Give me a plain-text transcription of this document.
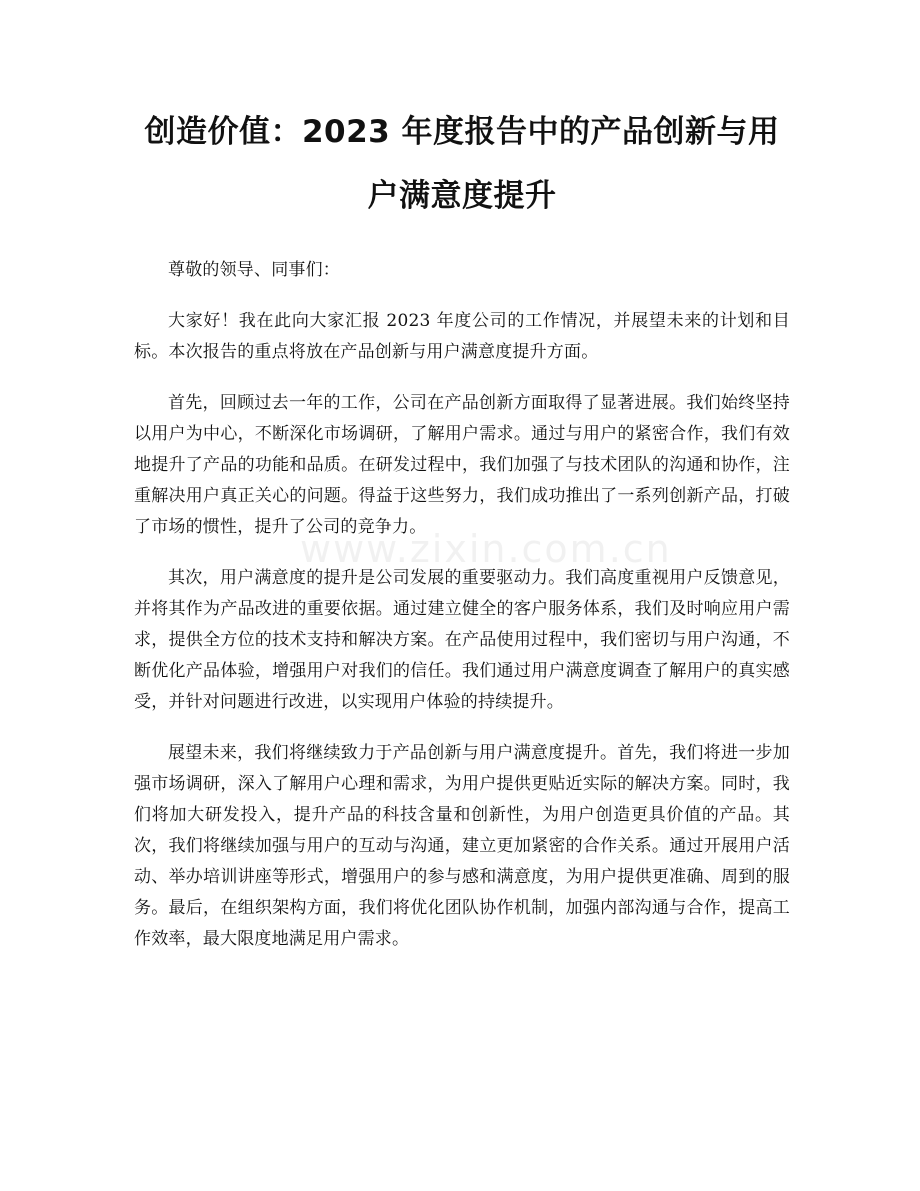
创造价值：2023 年度报告中的产品创新与用户满意度提升

尊敬的领导、同事们：

大家好！我在此向大家汇报 2023 年度公司的工作情况，并展望未来的计划和目标。本次报告的重点将放在产品创新与用户满意度提升方面。

首先，回顾过去一年的工作，公司在产品创新方面取得了显著进展。我们始终坚持以用户为中心，不断深化市场调研，了解用户需求。通过与用户的紧密合作，我们有效地提升了产品的功能和品质。在研发过程中，我们加强了与技术团队的沟通和协作，注重解决用户真正关心的问题。得益于这些努力，我们成功推出了一系列创新产品，打破了市场的惯性，提升了公司的竞争力。

其次，用户满意度的提升是公司发展的重要驱动力。我们高度重视用户反馈意见，并将其作为产品改进的重要依据。通过建立健全的客户服务体系，我们及时响应用户需求，提供全方位的技术支持和解决方案。在产品使用过程中，我们密切与用户沟通，不断优化产品体验，增强用户对我们的信任。我们通过用户满意度调查了解用户的真实感受，并针对问题进行改进，以实现用户体验的持续提升。

展望未来，我们将继续致力于产品创新与用户满意度提升。首先，我们将进一步加强市场调研，深入了解用户心理和需求，为用户提供更贴近实际的解决方案。同时，我们将加大研发投入，提升产品的科技含量和创新性，为用户创造更具价值的产品。其次，我们将继续加强与用户的互动与沟通，建立更加紧密的合作关系。通过开展用户活动、举办培训讲座等形式，增强用户的参与感和满意度，为用户提供更准确、周到的服务。最后，在组织架构方面，我们将优化团队协作机制，加强内部沟通与合作，提高工作效率，最大限度地满足用户需求。

www.zixin.com.cn
